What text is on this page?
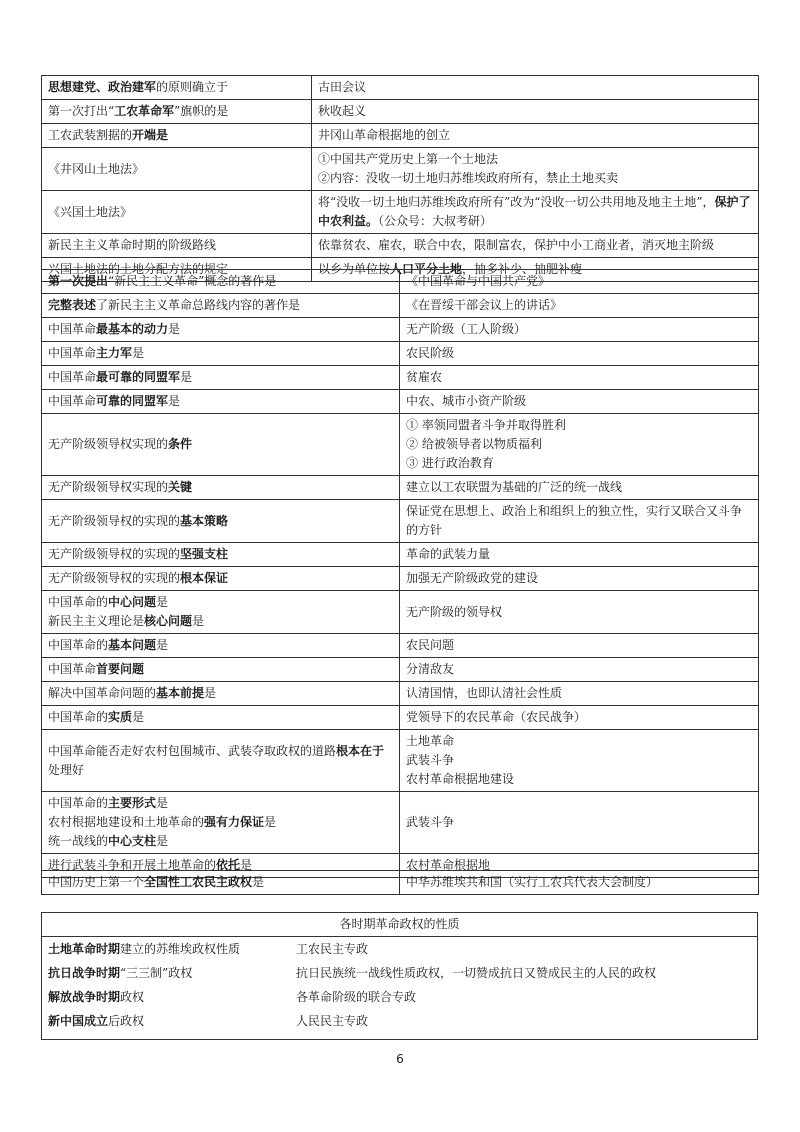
思想建党、政治建军的原则确立于	古田会议
第一次打出“工农革命军”旗帜的是	秋收起义
工农武装割据的开端是	井冈山革命根据地的创立
《井冈山土地法》	①中国共产党历史上第一个土地法
②内容：没收一切土地归苏维埃政府所有，禁止土地买卖

《兴国土地法》	将“没收一切土地归苏维埃政府所有”改为“没收一切公共用地及地主土地”，保护了中农利益。（公众号：大叔考研）
新民主主义革命时期的阶级路线	依靠贫农、雇农，联合中农，限制富农，保护中小工商业者，消灭地主阶级
兴国土地法的土地分配方法的规定	以乡为单位按人口平分土地，抽多补少、抽肥补瘦
第一次提出“新民主主义革命”概念的著作是	《中国革命与中国共产党》
完整表述了新民主主义革命总路线内容的著作是	《在晋绥干部会议上的讲话》
中国革命最基本的动力是	无产阶级（工人阶级）
中国革命主力军是	农民阶级
中国革命最可靠的同盟军是	贫雇农
中国革命可靠的同盟军是	中农、城市小资产阶级
无产阶级领导权实现的条件	① 率领同盟者斗争并取得胜利
② 给被领导者以物质福利
③ 进行政治教育

无产阶级领导权实现的关键	建立以工农联盟为基础的广泛的统一战线
无产阶级领导权的实现的基本策略	保证党在思想上、政治上和组织上的独立性，实行又联合又斗争的方针
无产阶级领导权的实现的坚强支柱	革命的武装力量
无产阶级领导权的实现的根本保证	加强无产阶级政党的建设

中国革命的中心问题是
新民主主义理论是核心问题是	无产阶级的领导权
中国革命的基本问题是	农民问题
中国革命首要问题	分清敌友
解决中国革命问题的基本前提是	认清国情，也即认清社会性质
中国革命的实质是	党领导下的农民革命（农民战争）
中国革命能否走好农村包围城市、武装夺取政权的道路根本在于处理好	土地革命
武装斗争
农村革命根据地建设

中国革命的主要形式是
农村根据地建设和土地革命的强有力保证是
统一战线的中心支柱是	武装斗争
进行武装斗争和开展土地革命的依托是	农村革命根据地
中国历史上第一个全国性工农民主政权是	中华苏维埃共和国（实行工农兵代表大会制度）
各时期革命政权的性质

土地革命时期建立的苏维埃政权性质	工农民主专政
抗日战争时期“三三制”政权	抗日民族统一战线性质政权，一切赞成抗日又赞成民主的人民的政权
解放战争时期政权	各革命阶级的联合专政
新中国成立后政权	人民民主专政
6
